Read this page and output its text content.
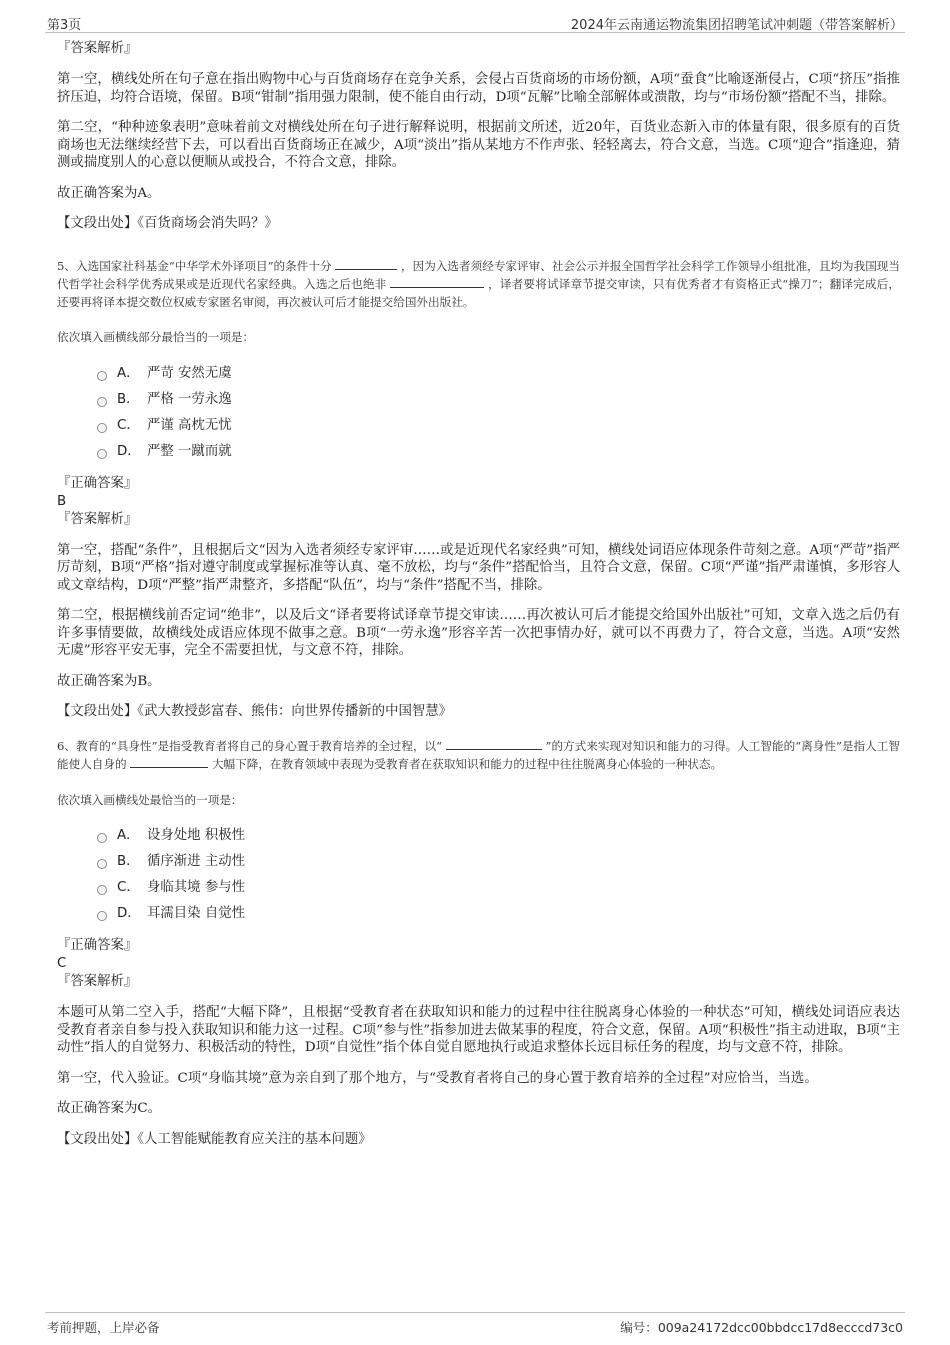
第3页	2024年云南通运物流集团招聘笔试冲刺题（带答案解析）

『答案解析』

第一空，横线处所在句子意在指出购物中心与百货商场存在竞争关系，会侵占百货商场的市场份额，A项“蚕食”比喻逐渐侵占，C项“挤压”指推挤压迫，均符合语境，保留。B项“钳制”指用强力限制，使不能自由行动，D项“瓦解”比喻全部解体或溃散，均与“市场份额”搭配不当，排除。

第二空，“种种迹象表明”意味着前文对横线处所在句子进行解释说明，根据前文所述，近20年，百货业态新入市的体量有限，很多原有的百货商场也无法继续经营下去，可以看出百货商场正在减少，A项“淡出”指从某地方不作声张、轻轻离去，符合文意，当选。C项“迎合”指逢迎，猜测或揣度别人的心意以便顺从或投合，不符合文意，排除。

故正确答案为A。

【文段出处】《百货商场会消失吗？》

5、入选国家社科基金“中华学术外译项目”的条件十分	，因为入选者须经专家评审、社会公示并报全国哲学社会科学工作领导小组批准，且均为我国现当代哲学社会科学优秀成果或是近现代名家经典。入选之后也绝非	，译者要将试译章节提交审读，只有优秀者才有资格正式“操刀”；翻译完成后，还要再将译本提交数位权威专家匿名审阅，再次被认可后才能提交给国外出版社。

依次填入画横线部分最恰当的一项是：

A． 严苛 安然无虞
B． 严格 一劳永逸
C． 严谨 高枕无忧
D． 严整 一蹴而就

『正确答案』

B

『答案解析』

第一空，搭配“条件”，且根据后文“因为入选者须经专家评审……或是近现代名家经典”可知，横线处词语应体现条件苛刻之意。A项“严苛”指严厉苛刻，B项“严格”指对遵守制度或掌握标准等认真、毫不放松，均与“条件”搭配恰当，且符合文意，保留。C项“严谨”指严肃谨慎，多形容人或文章结构，D项“严整”指严肃整齐，多搭配“队伍”，均与“条件”搭配不当，排除。

第二空，根据横线前否定词“绝非”，以及后文“译者要将试译章节提交审读……再次被认可后才能提交给国外出版社”可知，文章入选之后仍有许多事情要做，故横线处成语应体现不做事之意。B项“一劳永逸”形容辛苦一次把事情办好，就可以不再费力了，符合文意，当选。A项“安然无虞”形容平安无事，完全不需要担忧，与文意不符，排除。

故正确答案为B。

【文段出处】《武大教授彭富春、熊伟：向世界传播新的中国智慧》

6、教育的“具身性”是指受教育者将自己的身心置于教育培养的全过程，以“	”的方式来实现对知识和能力的习得。人工智能的“离身性”是指人工智能使人自身的	大幅下降，在教育领域中表现为受教育者在获取知识和能力的过程中往往脱离身心体验的一种状态。

依次填入画横线处最恰当的一项是：

A． 设身处地 积极性
B． 循序渐进 主动性
C． 身临其境 参与性
D． 耳濡目染 自觉性

『正确答案』

C

『答案解析』

本题可从第二空入手，搭配“大幅下降”，且根据“受教育者在获取知识和能力的过程中往往脱离身心体验的一种状态”可知，横线处词语应表达受教育者亲自参与投入获取知识和能力这一过程。C项“参与性”指参加进去做某事的程度，符合文意，保留。A项“积极性”指主动进取，B项“主动性”指人的自觉努力、积极活动的特性，D项“自觉性”指个体自觉自愿地执行或追求整体长远目标任务的程度，均与文意不符，排除。

第一空，代入验证。C项“身临其境”意为亲自到了那个地方，与“受教育者将自己的身心置于教育培养的全过程”对应恰当，当选。

故正确答案为C。

【文段出处】《人工智能赋能教育应关注的基本问题》

考前押题，上岸必备	编号：009a24172dcc00bbdcc17d8ecccd73c0
